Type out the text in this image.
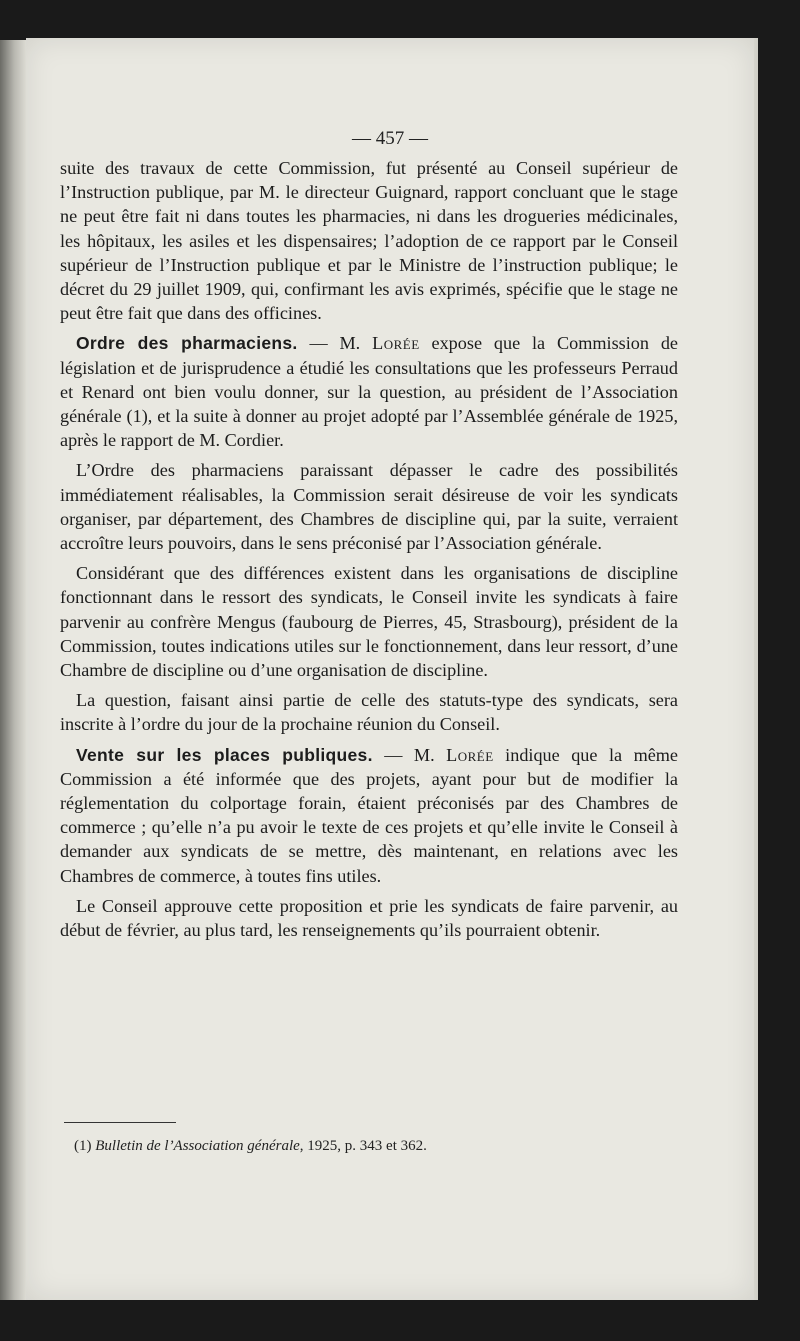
— 457 —

suite des travaux de cette Commission, fut présenté au Conseil supérieur de l’Instruction publique, par M. le directeur Guignard, rapport concluant que le stage ne peut être fait ni dans toutes les pharmacies, ni dans les drogueries médicinales, les hôpitaux, les asiles et les dispensaires; l’adoption de ce rapport par le Conseil supérieur de l’Instruction publique et par le Ministre de l’instruction publique; le décret du 29 juillet 1909, qui, confirmant les avis exprimés, spécifie que le stage ne peut être fait que dans des officines.

Ordre des pharmaciens. — M. Lorée expose que la Commission de législation et de jurisprudence a étudié les consultations que les professeurs Perraud et Renard ont bien voulu donner, sur la question, au président de l’Association générale (1), et la suite à donner au projet adopté par l’Assemblée générale de 1925, après le rapport de M. Cordier.

L’Ordre des pharmaciens paraissant dépasser le cadre des possibilités immédiatement réalisables, la Commission serait désireuse de voir les syndicats organiser, par département, des Chambres de discipline qui, par la suite, verraient accroître leurs pouvoirs, dans le sens préconisé par l’Association générale.

Considérant que des différences existent dans les organisations de discipline fonctionnant dans le ressort des syndicats, le Conseil invite les syndicats à faire parvenir au confrère Mengus (faubourg de Pierres, 45, Strasbourg), président de la Commission, toutes indications utiles sur le fonctionnement, dans leur ressort, d’une Chambre de discipline ou d’une organisation de discipline.

La question, faisant ainsi partie de celle des statuts-type des syndicats, sera inscrite à l’ordre du jour de la prochaine réunion du Conseil.

Vente sur les places publiques. — M. Lorée indique que la même Commission a été informée que des projets, ayant pour but de modifier la réglementation du colportage forain, étaient préconisés par des Chambres de commerce ; qu’elle n’a pu avoir le texte de ces projets et qu’elle invite le Conseil à demander aux syndicats de se mettre, dès maintenant, en relations avec les Chambres de commerce, à toutes fins utiles.

Le Conseil approuve cette proposition et prie les syndicats de faire parvenir, au début de février, au plus tard, les renseignements qu’ils pourraient obtenir.

(1) Bulletin de l’Association générale, 1925, p. 343 et 362.
